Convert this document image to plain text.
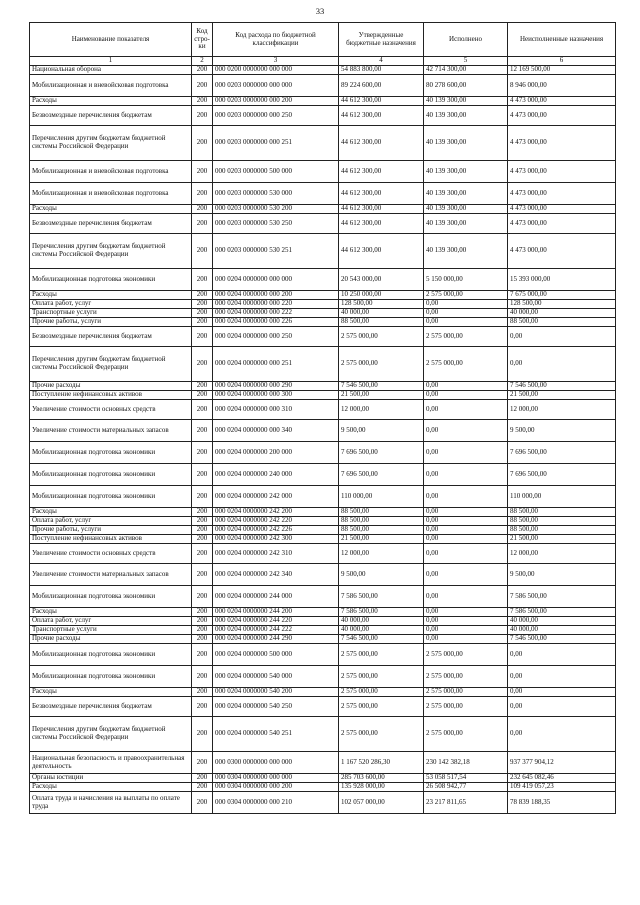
33
Наименование показателя	Код стро-ки	Код расхода по бюджетной классификации	Утвержденные бюджетные назначения	Исполнено	Неисполненные назначения
1	2	3	4	5	6
Национальная оборона	200	000 0200 0000000 000 000	54 883 800,00	42 714 300,00	12 169 500,00
Мобилизационная и вневойсковая подготовка	200	000 0203 0000000 000 000	89 224 600,00	80 278 600,00	8 946 000,00
Расходы	200	000 0203 0000000 000 200	44 612 300,00	40 139 300,00	4 473 000,00
Безвозмездные перечисления бюджетам	200	000 0203 0000000 000 250	44 612 300,00	40 139 300,00	4 473 000,00
Перечисления другим бюджетам бюджетной системы Российской Федерации	200	000 0203 0000000 000 251	44 612 300,00	40 139 300,00	4 473 000,00
Мобилизационная и вневойсковая подготовка	200	000 0203 0000000 500 000	44 612 300,00	40 139 300,00	4 473 000,00
Мобилизационная и вневойсковая подготовка	200	000 0203 0000000 530 000	44 612 300,00	40 139 300,00	4 473 000,00
Расходы	200	000 0203 0000000 530 200	44 612 300,00	40 139 300,00	4 473 000,00
Безвозмездные перечисления бюджетам	200	000 0203 0000000 530 250	44 612 300,00	40 139 300,00	4 473 000,00
Перечисления другим бюджетам бюджетной системы Российской Федерации	200	000 0203 0000000 530 251	44 612 300,00	40 139 300,00	4 473 000,00
Мобилизационная подготовка экономики	200	000 0204 0000000 000 000	20 543 000,00	5 150 000,00	15 393 000,00
Расходы	200	000 0204 0000000 000 200	10 250 000,00	2 575 000,00	7 675 000,00
Оплата работ, услуг	200	000 0204 0000000 000 220	128 500,00	0,00	128 500,00
Транспортные услуги	200	000 0204 0000000 000 222	40 000,00	0,00	40 000,00
Прочие работы, услуги	200	000 0204 0000000 000 226	88 500,00	0,00	88 500,00
Безвозмездные перечисления бюджетам	200	000 0204 0000000 000 250	2 575 000,00	2 575 000,00	0,00
Перечисления другим бюджетам бюджетной системы Российской Федерации	200	000 0204 0000000 000 251	2 575 000,00	2 575 000,00	0,00
Прочие расходы	200	000 0204 0000000 000 290	7 546 500,00	0,00	7 546 500,00
Поступление нефинансовых активов	200	000 0204 0000000 000 300	21 500,00	0,00	21 500,00
Увеличение стоимости основных средств	200	000 0204 0000000 000 310	12 000,00	0,00	12 000,00
Увеличение стоимости материальных запасов	200	000 0204 0000000 000 340	9 500,00	0,00	9 500,00
Мобилизационная подготовка экономики	200	000 0204 0000000 200 000	7 696 500,00	0,00	7 696 500,00
Мобилизационная подготовка экономики	200	000 0204 0000000 240 000	7 696 500,00	0,00	7 696 500,00
Мобилизационная подготовка экономики	200	000 0204 0000000 242 000	110 000,00	0,00	110 000,00
Расходы	200	000 0204 0000000 242 200	88 500,00	0,00	88 500,00
Оплата работ, услуг	200	000 0204 0000000 242 220	88 500,00	0,00	88 500,00
Прочие работы, услуги	200	000 0204 0000000 242 226	88 500,00	0,00	88 500,00
Поступление нефинансовых активов	200	000 0204 0000000 242 300	21 500,00	0,00	21 500,00
Увеличение стоимости основных средств	200	000 0204 0000000 242 310	12 000,00	0,00	12 000,00
Увеличение стоимости материальных запасов	200	000 0204 0000000 242 340	9 500,00	0,00	9 500,00
Мобилизационная подготовка экономики	200	000 0204 0000000 244 000	7 586 500,00	0,00	7 586 500,00
Расходы	200	000 0204 0000000 244 200	7 586 500,00	0,00	7 586 500,00
Оплата работ, услуг	200	000 0204 0000000 244 220	40 000,00	0,00	40 000,00
Транспортные услуги	200	000 0204 0000000 244 222	40 000,00	0,00	40 000,00
Прочие расходы	200	000 0204 0000000 244 290	7 546 500,00	0,00	7 546 500,00
Мобилизационная подготовка экономики	200	000 0204 0000000 500 000	2 575 000,00	2 575 000,00	0,00
Мобилизационная подготовка экономики	200	000 0204 0000000 540 000	2 575 000,00	2 575 000,00	0,00
Расходы	200	000 0204 0000000 540 200	2 575 000,00	2 575 000,00	0,00
Безвозмездные перечисления бюджетам	200	000 0204 0000000 540 250	2 575 000,00	2 575 000,00	0,00
Перечисления другим бюджетам бюджетной системы Российской Федерации	200	000 0204 0000000 540 251	2 575 000,00	2 575 000,00	0,00
Национальная безопасность и правоохранительная деятельность	200	000 0300 0000000 000 000	1 167 520 286,30	230 142 382,18	937 377 904,12
Органы юстиции	200	000 0304 0000000 000 000	285 703 600,00	53 058 517,54	232 645 082,46
Расходы	200	000 0304 0000000 000 200	135 928 000,00	26 508 942,77	109 419 057,23
Оплата труда и начисления на выплаты по оплате труда	200	000 0304 0000000 000 210	102 057 000,00	23 217 811,65	78 839 188,35
